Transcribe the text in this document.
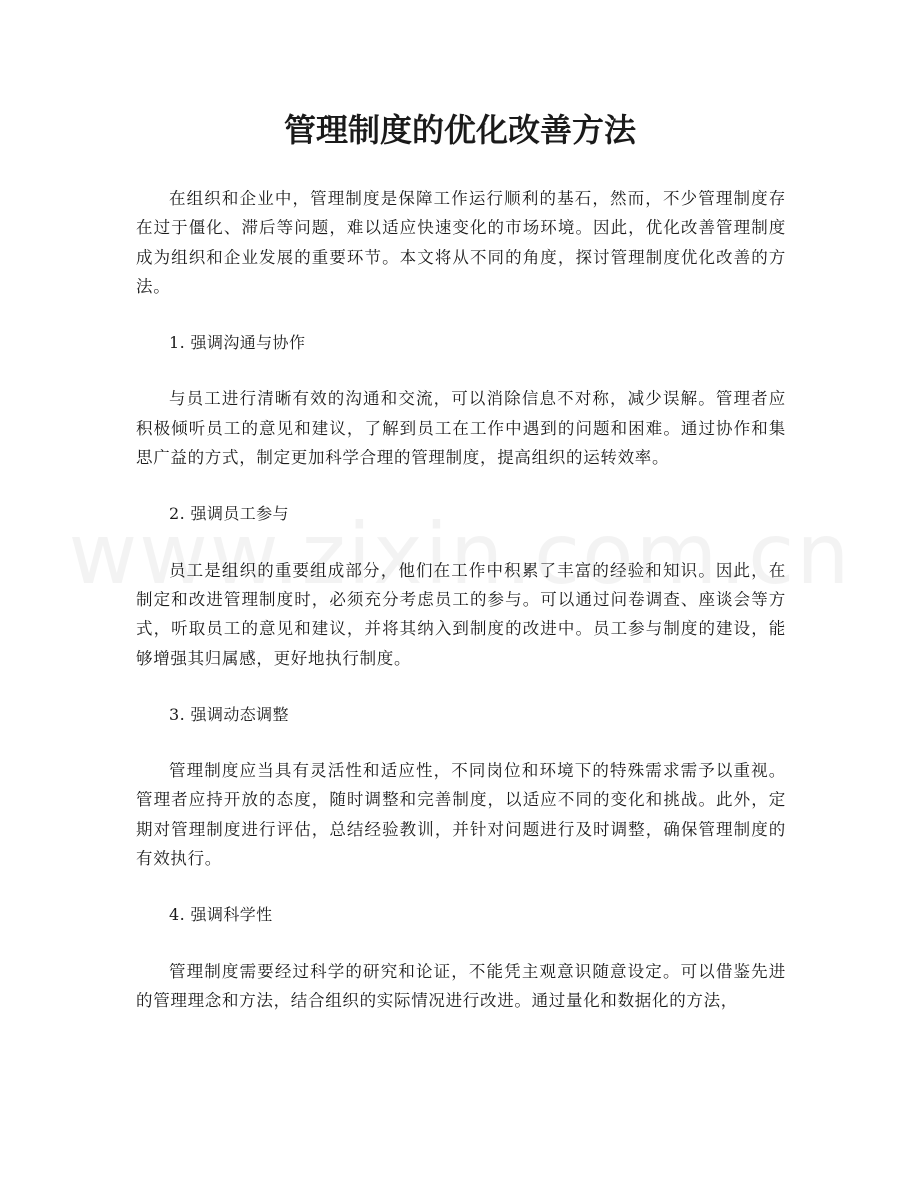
管理制度的优化改善方法

在组织和企业中，管理制度是保障工作运行顺利的基石，然而，不少管理制度存在过于僵化、滞后等问题，难以适应快速变化的市场环境。因此，优化改善管理制度成为组织和企业发展的重要环节。本文将从不同的角度，探讨管理制度优化改善的方法。

1. 强调沟通与协作

与员工进行清晰有效的沟通和交流，可以消除信息不对称，减少误解。管理者应积极倾听员工的意见和建议，了解到员工在工作中遇到的问题和困难。通过协作和集思广益的方式，制定更加科学合理的管理制度，提高组织的运转效率。

2. 强调员工参与

员工是组织的重要组成部分，他们在工作中积累了丰富的经验和知识。因此，在制定和改进管理制度时，必须充分考虑员工的参与。可以通过问卷调查、座谈会等方式，听取员工的意见和建议，并将其纳入到制度的改进中。员工参与制度的建设，能够增强其归属感，更好地执行制度。

3. 强调动态调整

管理制度应当具有灵活性和适应性，不同岗位和环境下的特殊需求需予以重视。管理者应持开放的态度，随时调整和完善制度，以适应不同的变化和挑战。此外，定期对管理制度进行评估，总结经验教训，并针对问题进行及时调整，确保管理制度的有效执行。

4. 强调科学性

管理制度需要经过科学的研究和论证，不能凭主观意识随意设定。可以借鉴先进的管理理念和方法，结合组织的实际情况进行改进。通过量化和数据化的方法，
